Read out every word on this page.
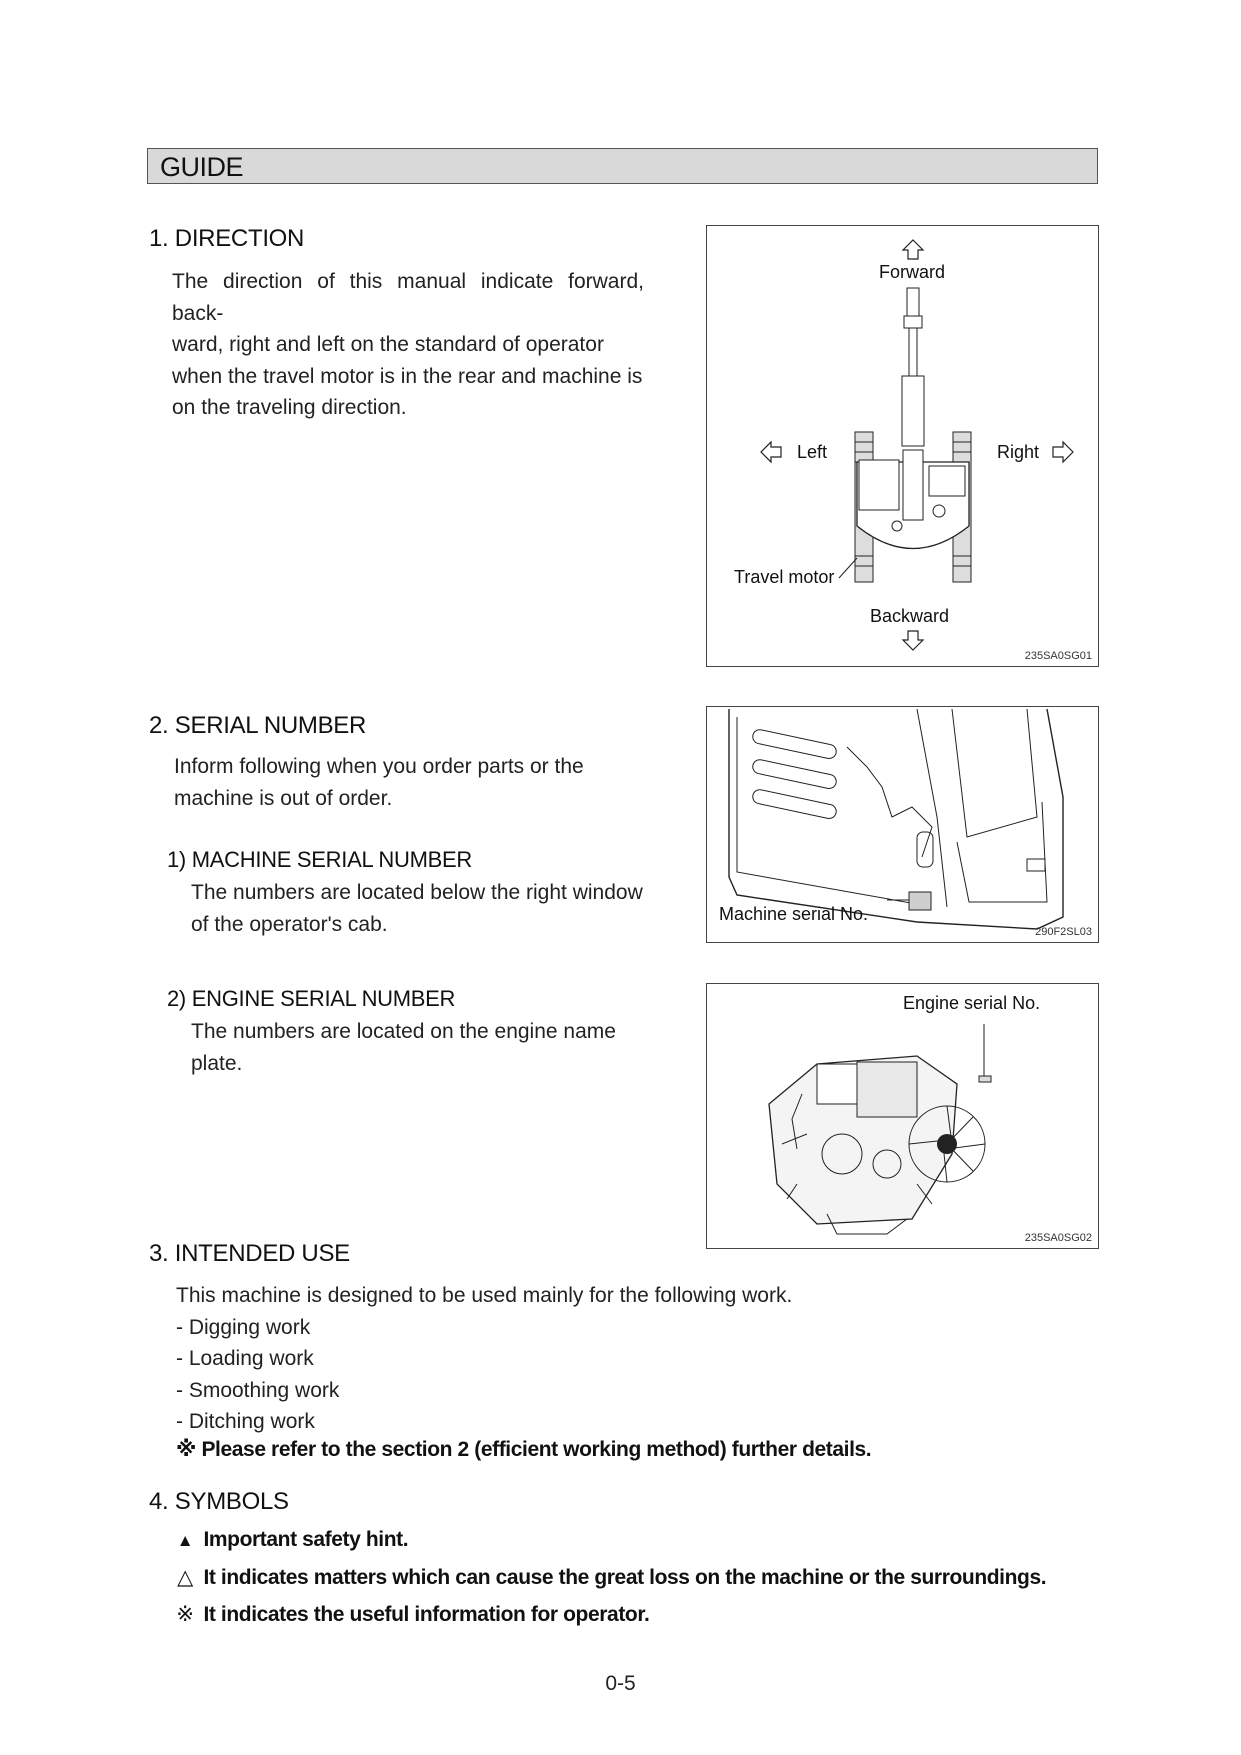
GUIDE
1. DIRECTION

The direction of this manual indicate forward, back-

ward, right and left on the standard of operator

when the travel motor is in the rear and machine is

on the traveling direction.

Forward
Left	Right
Travel motor
Backward
235SA0SG01
2. SERIAL NUMBER

Inform following when you order parts or the

machine is out of order.

1) MACHINE SERIAL NUMBER

The numbers are located below the right window

of the operator's cab.

2) ENGINE SERIAL NUMBER

The numbers are located on the engine name

plate.

Machine serial No.
290F2SL03
Engine serial No.
235SA0SG02
3. INTENDED USE
This machine is designed to be used mainly for the following work.
- Digging work
- Loading work
- Smoothing work
- Ditching work
※ Please refer to the section 2 (efficient working method) further details.
4. SYMBOLS
▲ Important safety hint.
△ It indicates matters which can cause the great loss on the machine or the surroundings.
※ It indicates the useful information for operator.
0-5
